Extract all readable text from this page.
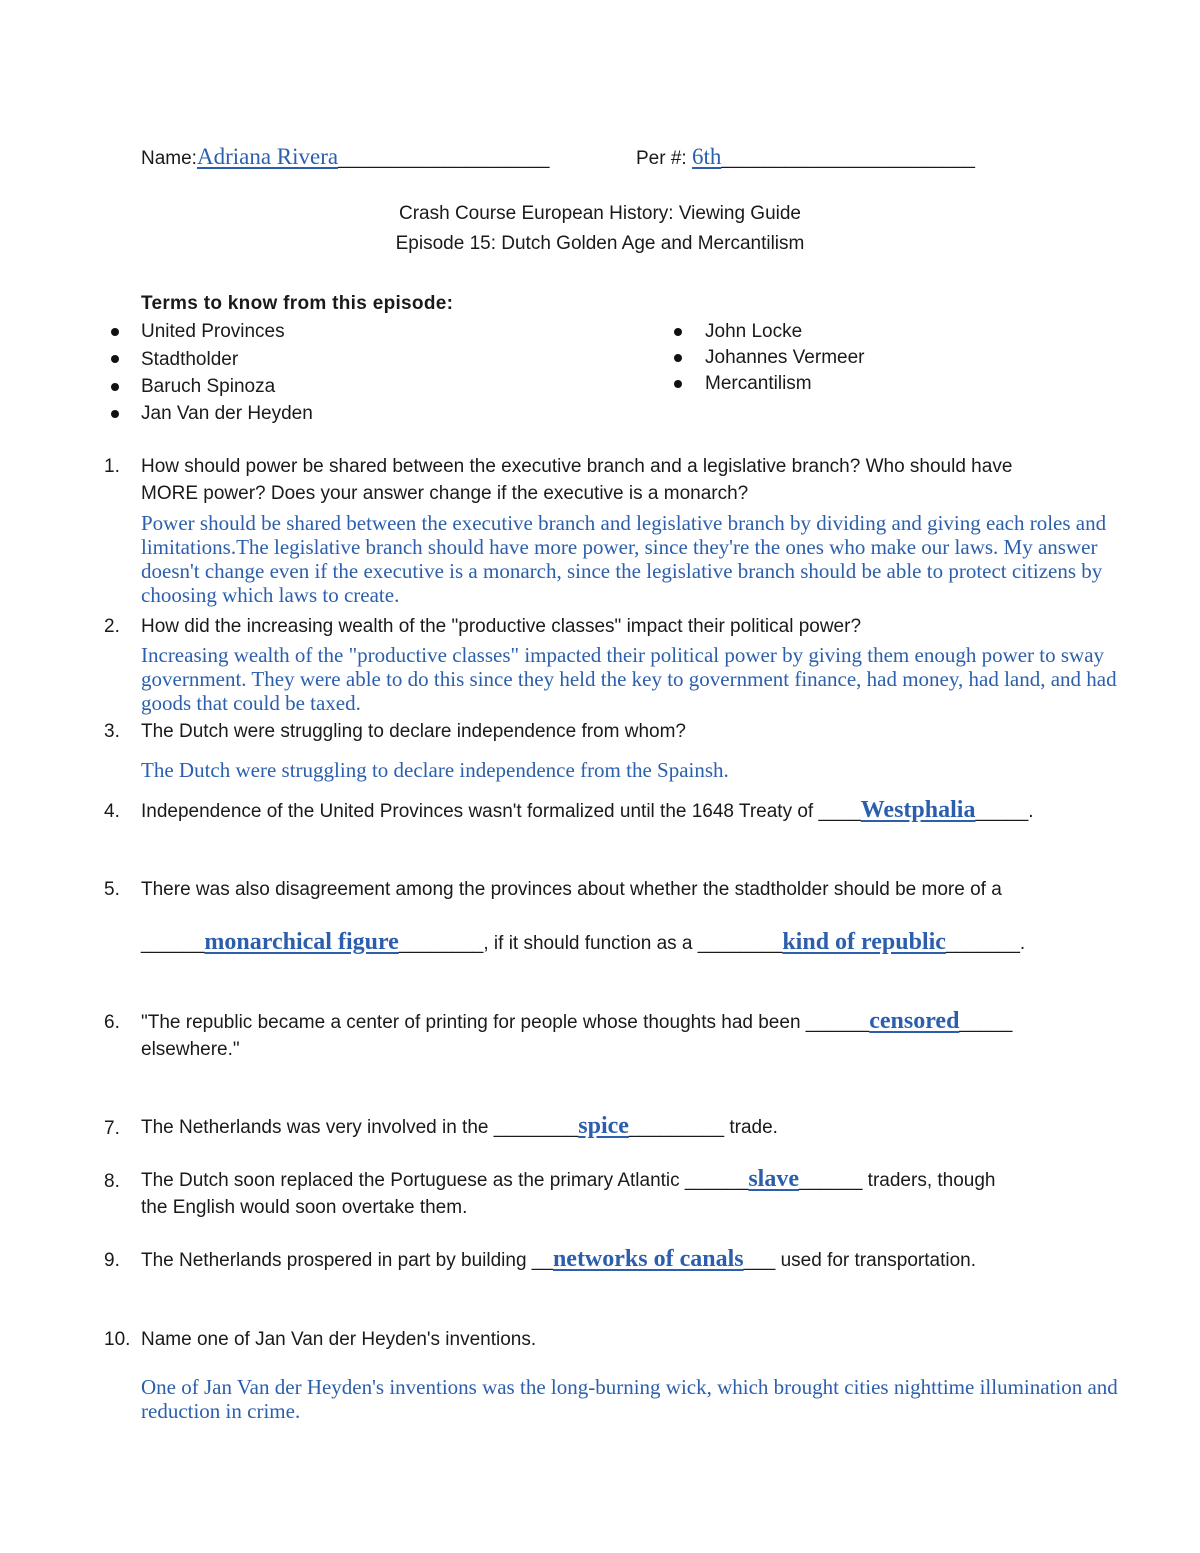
Name:Adriana Rivera____________________	Per #: 6th________________________
Crash Course European History: Viewing Guide
Episode 15: Dutch Golden Age and Mercantilism
Terms to know from this episode:
United Provinces
Stadtholder
Baruch Spinoza
Jan Van der Heyden
John Locke
Johannes Vermeer
Mercantilism
1. How should power be shared between the executive branch and a legislative branch? Who should have
MORE power? Does your answer change if the executive is a monarch?
Power should be shared between the executive branch and legislative branch by dividing and giving each roles and limitations.The legislative branch should have more power, since they're the ones who make our laws. My answer doesn't change even if the executive is a monarch, since the legislative branch should be able to protect citizens by choosing which laws to create.
2. How did the increasing wealth of the "productive classes" impact their political power?
Increasing wealth of the "productive classes" impacted their political power by giving them enough power to sway government. They were able to do this since they held the key to government finance, had money, had land, and had goods that could be taxed.
3. The Dutch were struggling to declare independence from whom?
The Dutch were struggling to declare independence from the Spainsh.
4. Independence of the United Provinces wasn't formalized until the 1648 Treaty of ____Westphalia_____.
5. There was also disagreement among the provinces about whether the stadtholder should be more of a
______monarchical figure________, if it should function as a ________kind of republic_______.
6. "The republic became a center of printing for people whose thoughts had been ______censored_____
elsewhere."
7. The Netherlands was very involved in the ________spice_________ trade.
8. The Dutch soon replaced the Portuguese as the primary Atlantic ______slave______ traders, though
the English would soon overtake them.
9. The Netherlands prospered in part by building __networks of canals___ used for transportation.
10. Name one of Jan Van der Heyden's inventions.
One of Jan Van der Heyden's inventions was the long-burning wick, which brought cities nighttime illumination and reduction in crime.
